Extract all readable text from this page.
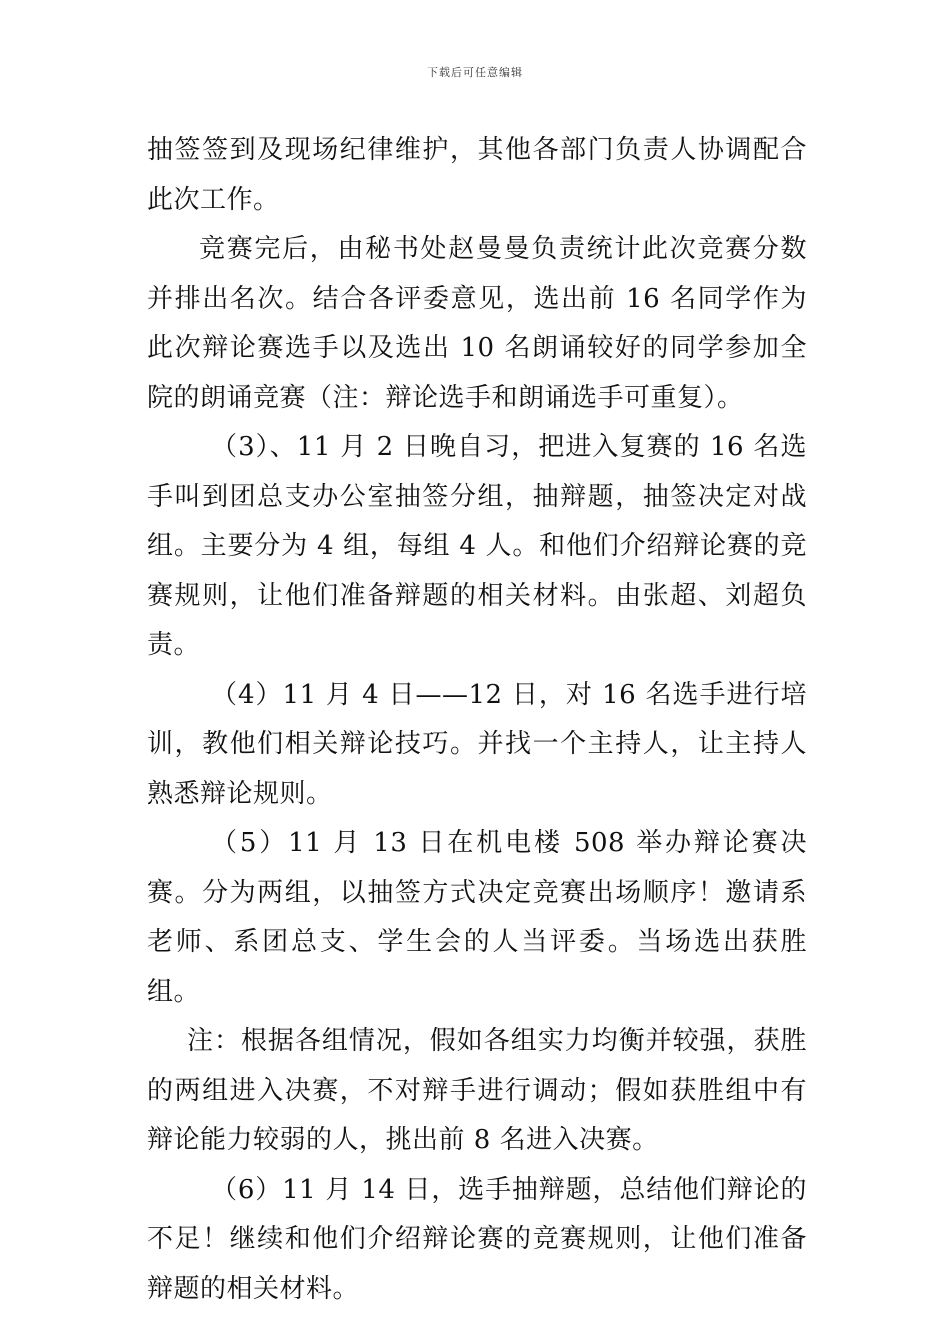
下载后可任意编辑

抽签签到及现场纪律维护，其他各部门负责人协调配合此次工作。

竞赛完后，由秘书处赵曼曼负责统计此次竞赛分数并排出名次。结合各评委意见，选出前 16 名同学作为此次辩论赛选手以及选出 10 名朗诵较好的同学参加全院的朗诵竞赛（注：辩论选手和朗诵选手可重复）。

（3）、11 月 2 日晚自习，把进入复赛的 16 名选手叫到团总支办公室抽签分组，抽辩题，抽签决定对战组。主要分为 4 组，每组 4 人。和他们介绍辩论赛的竞赛规则，让他们准备辩题的相关材料。由张超、刘超负责。

（4）11 月 4 日——12 日，对 16 名选手进行培训，教他们相关辩论技巧。并找一个主持人，让主持人熟悉辩论规则。

（5）11 月 13 日在机电楼 508 举办辩论赛决赛。分为两组，以抽签方式决定竞赛出场顺序！邀请系老师、系团总支、学生会的人当评委。当场选出获胜组。

注：根据各组情况，假如各组实力均衡并较强，获胜的两组进入决赛，不对辩手进行调动；假如获胜组中有辩论能力较弱的人，挑出前 8 名进入决赛。

（6）11 月 14 日，选手抽辩题，总结他们辩论的不足！继续和他们介绍辩论赛的竞赛规则，让他们准备辩题的相关材料。
